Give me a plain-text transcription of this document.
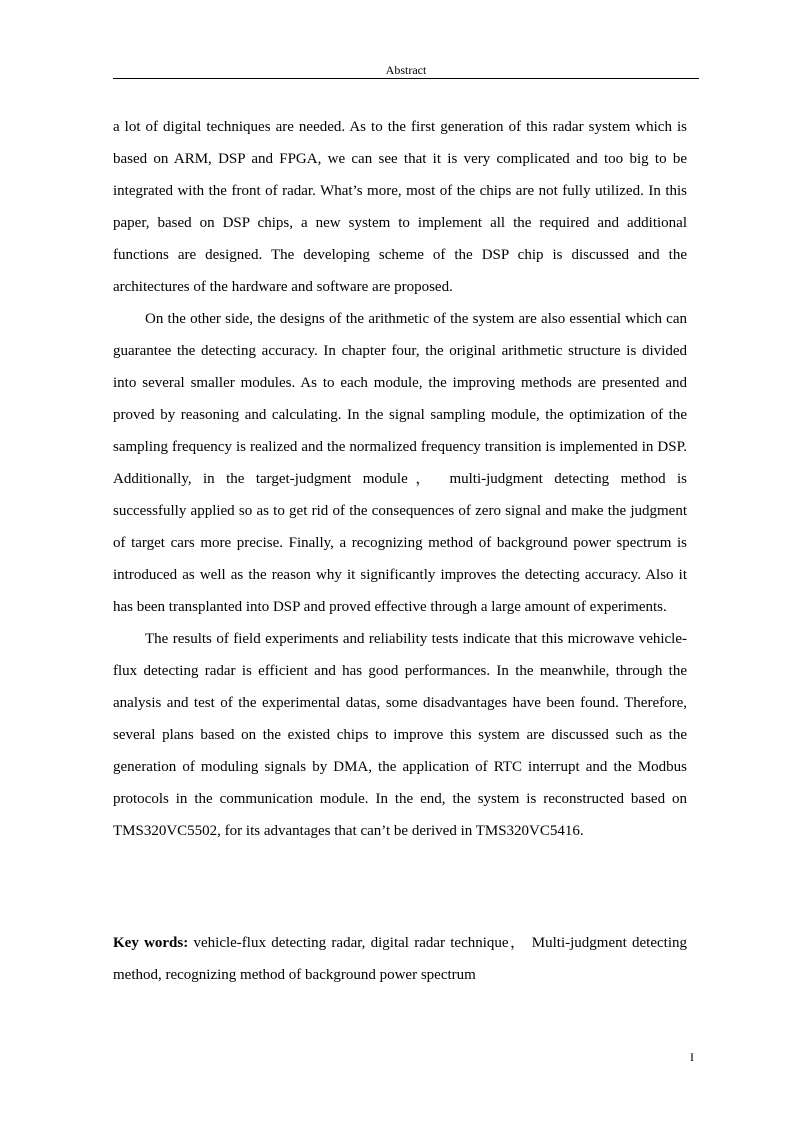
Abstract

a lot of digital techniques are needed. As to the first generation of this radar system which is based on ARM, DSP and FPGA, we can see that it is very complicated and too big to be integrated with the front of radar. What’s more, most of the chips are not fully utilized. In this paper, based on DSP chips, a new system to implement all the required and additional functions are designed. The developing scheme of the DSP chip is discussed and the architectures of the hardware and software are proposed.

On the other side, the designs of the arithmetic of the system are also essential which can guarantee the detecting accuracy. In chapter four, the original arithmetic structure is divided into several smaller modules. As to each module, the improving methods are presented and proved by reasoning and calculating. In the signal sampling module, the optimization of the sampling frequency is realized and the normalized frequency transition is implemented in DSP. Additionally, in the target-judgment module， multi-judgment detecting method is successfully applied so as to get rid of the consequences of zero signal and make the judgment of target cars more precise. Finally, a recognizing method of background power spectrum is introduced as well as the reason why it significantly improves the detecting accuracy. Also it has been transplanted into DSP and proved effective through a large amount of experiments.

The results of field experiments and reliability tests indicate that this microwave vehicle-flux detecting radar is efficient and has good performances. In the meanwhile, through the analysis and test of the experimental datas, some disadvantages have been found. Therefore, several plans based on the existed chips to improve this system are discussed such as the generation of moduling signals by DMA, the application of RTC interrupt and the Modbus protocols in the communication module. In the end, the system is reconstructed based on TMS320VC5502, for its advantages that can’t be derived in TMS320VC5416.

Key words: vehicle-flux detecting radar, digital radar technique， Multi-judgment detecting method, recognizing method of background power spectrum
I
